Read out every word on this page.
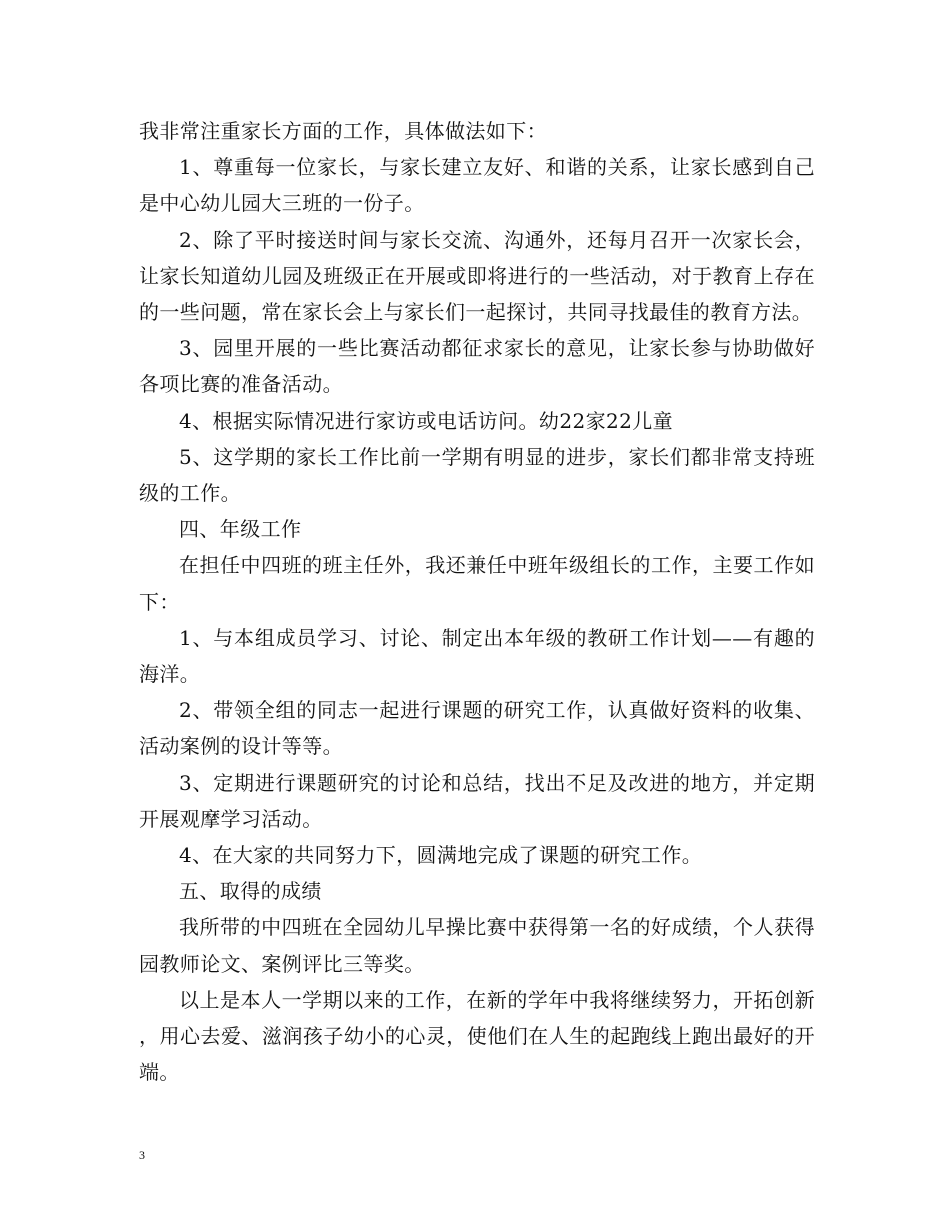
我非常注重家长方面的工作，具体做法如下：

1、尊重每一位家长，与家长建立友好、和谐的关系，让家长感到自己是中心幼儿园大三班的一份子。

2、除了平时接送时间与家长交流、沟通外，还每月召开一次家长会，让家长知道幼儿园及班级正在开展或即将进行的一些活动，对于教育上存在的一些问题，常在家长会上与家长们一起探讨，共同寻找最佳的教育方法。

3、园里开展的一些比赛活动都征求家长的意见，让家长参与协助做好各项比赛的准备活动。

4、根据实际情况进行家访或电话访问。幼22家22儿童

5、这学期的家长工作比前一学期有明显的进步，家长们都非常支持班级的工作。

四、年级工作

在担任中四班的班主任外，我还兼任中班年级组长的工作，主要工作如下：

1、与本组成员学习、讨论、制定出本年级的教研工作计划——有趣的海洋。

2、带领全组的同志一起进行课题的研究工作，认真做好资料的收集、活动案例的设计等等。

3、定期进行课题研究的讨论和总结，找出不足及改进的地方，并定期开展观摩学习活动。

4、在大家的共同努力下，圆满地完成了课题的研究工作。

五、取得的成绩

我所带的中四班在全园幼儿早操比赛中获得第一名的好成绩，个人获得园教师论文、案例评比三等奖。

以上是本人一学期以来的工作，在新的学年中我将继续努力，开拓创新，用心去爱、滋润孩子幼小的心灵，使他们在人生的起跑线上跑出最好的开端。

3
